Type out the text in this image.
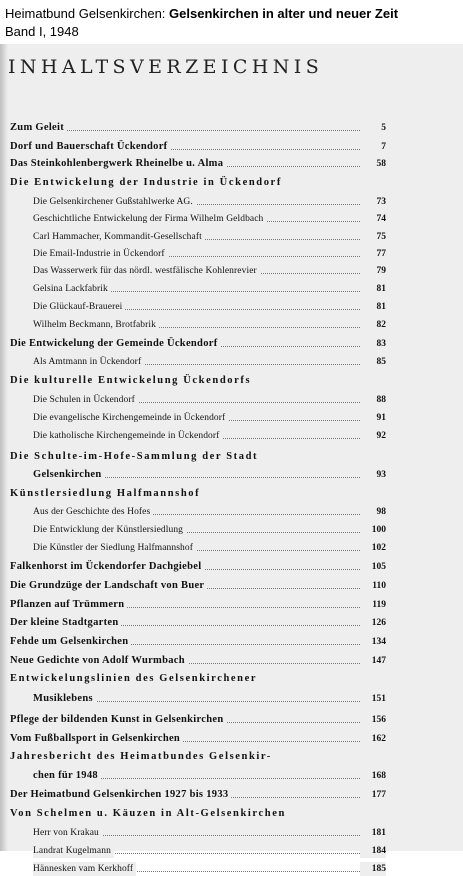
Heimatbund Gelsenkirchen: Gelsenkirchen in alter und neuer Zeit
Band I, 1948
INHALTSVERZEICHNIS
Zum Geleit	5
Dorf und Bauerschaft Ückendorf	7
Das Steinkohlenbergwerk Rheinelbe u. Alma	58
Die Entwickelung der Industrie in Ückendorf
Die Gelsenkirchener Gußstahlwerke AG.	73
Geschichtliche Entwickelung der Firma Wilhelm Geldbach	74
Carl Hammacher, Kommandit-Gesellschaft	75
Die Email-Industrie in Ückendorf	77
Das Wasserwerk für das nördl. westfälische Kohlenrevier	79
Gelsina Lackfabrik	81
Die Glückauf-Brauerei	81
Wilhelm Beckmann, Brotfabrik	82
Die Entwickelung der Gemeinde Ückendorf	83
Als Amtmann in Ückendorf	85
Die kulturelle Entwickelung Ückendorfs
Die Schulen in Ückendorf	88
Die evangelische Kirchengemeinde in Ückendorf	91
Die katholische Kirchengemeinde in Ückendorf	92
Die Schulte-im-Hofe-Sammlung der Stadt
Gelsenkirchen	93
Künstlersiedlung Halfmannshof
Aus der Geschichte des Hofes	98
Die Entwicklung der Künstlersiedlung	100
Die Künstler der Siedlung Halfmannshof	102
Falkenhorst im Ückendorfer Dachgiebel	105
Die Grundzüge der Landschaft von Buer	110
Pflanzen auf Trümmern	119
Der kleine Stadtgarten	126
Fehde um Gelsenkirchen	134
Neue Gedichte von Adolf Wurmbach	147
Entwickelungslinien des Gelsenkirchener
Musiklebens	151
Pflege der bildenden Kunst in Gelsenkirchen	156
Vom Fußballsport in Gelsenkirchen	162
Jahresbericht des Heimatbundes Gelsenkir-
chen für 1948	168
Der Heimatbund Gelsenkirchen 1927 bis 1933	177
Von Schelmen u. Käuzen in Alt-Gelsenkirchen
Herr von Krakau	181
Landrat Kugelmann	184
Hännesken vam Kerkhoff	185
